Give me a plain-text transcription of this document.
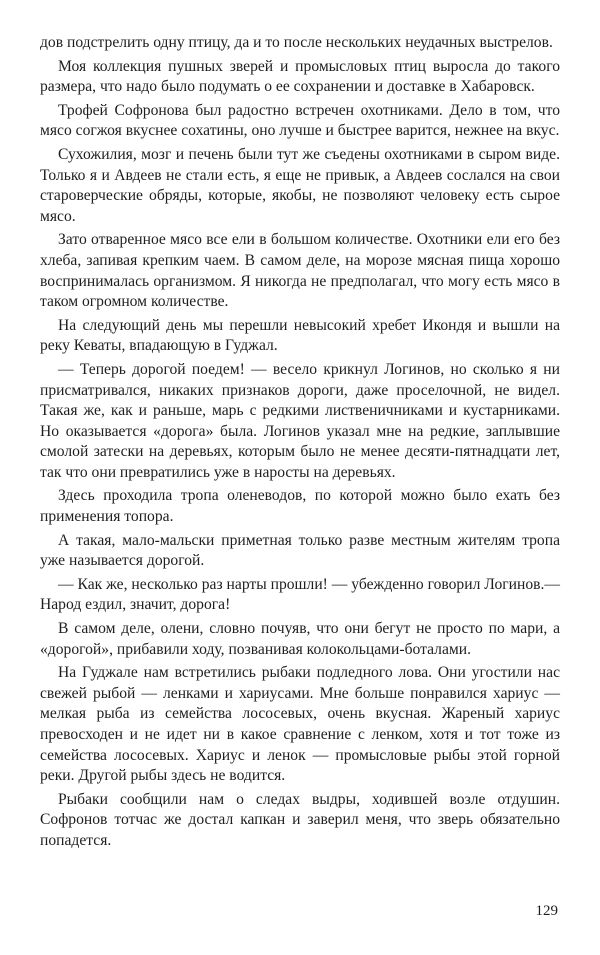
дов подстрелить одну птицу, да и то после нескольких неудачных выстрелов.

Моя коллекция пушных зверей и промысловых птиц выросла до такого размера, что надо было подумать о ее сохранении и доставке в Хабаровск.

Трофей Софронова был радостно встречен охотниками. Дело в том, что мясо согжоя вкуснее сохатины, оно лучше и быстрее варится, нежнее на вкус.

Сухожилия, мозг и печень были тут же съедены охотниками в сыром виде. Только я и Авдеев не стали есть, я еще не привык, а Авдеев сослался на свои староверческие обряды, которые, якобы, не позволяют человеку есть сырое мясо.

Зато отваренное мясо все ели в большом количестве. Охотники ели его без хлеба, запивая крепким чаем. В самом деле, на морозе мясная пища хорошо воспринималась организмом. Я никогда не предполагал, что могу есть мясо в таком огромном количестве.

На следующий день мы перешли невысокий хребет Икондя и вышли на реку Кеваты, впадающую в Гуджал.

— Теперь дорогой поедем! — весело крикнул Логинов, но сколько я ни присматривался, никаких признаков дороги, даже проселочной, не видел. Такая же, как и раньше, марь с редкими лиственичниками и кустарниками. Но оказывается «дорога» была. Логинов указал мне на редкие, заплывшие смолой затески на деревьях, которым было не менее десяти-пятнадцати лет, так что они превратились уже в наросты на деревьях.

Здесь проходила тропа оленеводов, по которой можно было ехать без применения топора.

А такая, мало-мальски приметная только разве местным жителям тропа уже называется дорогой.

— Как же, несколько раз нарты прошли! — убежденно говорил Логинов.— Народ ездил, значит, дорога!

В самом деле, олени, словно почуяв, что они бегут не просто по мари, а «дорогой», прибавили ходу, позванивая колокольцами-боталами.

На Гуджале нам встретились рыбаки подледного лова. Они угостили нас свежей рыбой — ленками и хариусами. Мне больше понравился хариус — мелкая рыба из семейства лососевых, очень вкусная. Жареный хариус превосходен и не идет ни в какое сравнение с ленком, хотя и тот тоже из семейства лососевых. Хариус и ленок — промысловые рыбы этой горной реки. Другой рыбы здесь не водится.

Рыбаки сообщили нам о следах выдры, ходившей возле отдушин. Софронов тотчас же достал капкан и заверил меня, что зверь обязательно попадется.

129
